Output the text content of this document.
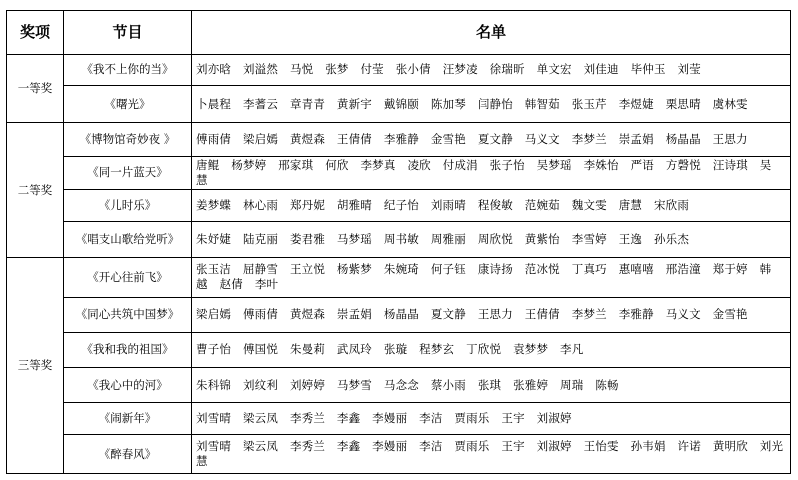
奖项	节目	名单
一等奖	《我不上你的当》	刘亦晗 刘溢然 马悦 张梦 付莹 张小倩 汪梦凌 徐瑞昕 单文宏 刘佳迪 毕仲玉 刘莹
	《曙光》	卜晨程 李蓍云 章青青 黄新宇 戴锦颐 陈加琴 闫静怡 韩智茹 张玉芹 李煜婕 栗思晴 虞林雯
二等奖	《博物馆奇妙夜 》	傅雨倩 梁启嫣 黄煜森 王倩倩 李雅静 金雪艳 夏文静 马义文 李梦兰 崇孟娟 杨晶晶 王思力
	《同一片蓝天》	唐鲲 杨梦婷 邢家琪 何欣 李梦真 凌欣 付成涓 张子怡 吴梦瑶 李姝怡 严语 方磬悦 汪诗琪 吴慧
	《儿时乐》	姜梦蝶 林心雨 郑丹妮 胡雅晴 纪子怡 刘雨晴 程俊敏 范婉茹 魏文雯 唐慧 宋欣雨
	《唱支山歌给党听》	朱妤婕 陆克丽 娄君雅 马梦瑶 周书敏 周雅丽 周欣悦 黄紫怡 李雪婷 王逸 孙乐杰
三等奖	《开心往前飞》	张玉洁 屈静雪 王立悦 杨紫梦 朱婉琦 何子钰 康诗扬 范冰悦 丁真巧 惠嘻嘻 邢浩潼 郑于婷 韩越 赵倩 李叶
	《同心共筑中国梦》	梁启嫣 傅雨倩 黄煜森 崇孟娟 杨晶晶 夏文静 王思力 王倩倩 李梦兰 李雅静 马义文 金雪艳
	《我和我的祖国》	曹子怡 傅国悦 朱曼莉 武凤玲 张璇 程梦玄 丁欣悦 袁梦梦 李凡
	《我心中的河》	朱科锦 刘纹利 刘婷婷 马梦雪 马念念 蔡小雨 张琪 张雅婷 周瑞 陈畅
	《闹新年》	刘雪晴 梁云凤 李秀兰 李鑫 李嫚丽 李洁 贾雨乐 王宇 刘淑婷
	《醉春风》	刘雪晴 梁云凤 李秀兰 李鑫 李嫚丽 李洁 贾雨乐 王宇 刘淑婷 王怡雯 孙韦娟 许诺 黄明欣 刘光慧
